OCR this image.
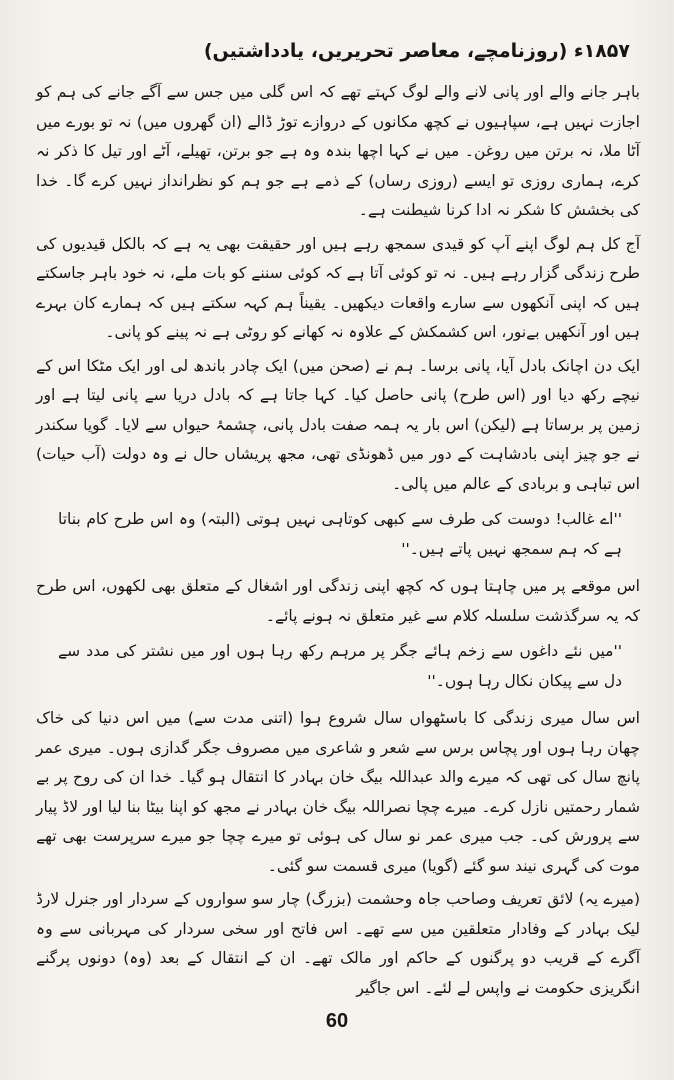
۱۸۵۷ء (روزنامچے، معاصر تحریریں، یادداشتیں)

باہر جانے والے اور پانی لانے والے لوگ کہتے تھے کہ اس گلی میں جس سے آگے جانے کی ہم کو اجازت نہیں ہے، سپاہیوں نے کچھ مکانوں کے دروازے توڑ ڈالے (ان گھروں میں) نہ تو بورے میں آٹا ملا، نہ برتن میں روغن۔ میں نے کہا اچھا بندہ وہ ہے جو برتن، تھیلے، آٹے اور تیل کا ذکر نہ کرے، ہماری روزی تو ایسے (روزی رساں) کے ذمے ہے جو ہم کو نظرانداز نہیں کرے گا۔ خدا کی بخشش کا شکر نہ ادا کرنا شیطنت ہے۔

آج کل ہم لوگ اپنے آپ کو قیدی سمجھ رہے ہیں اور حقیقت بھی یہ ہے کہ بالکل قیدیوں کی طرح زندگی گزار رہے ہیں۔ نہ تو کوئی آتا ہے کہ کوئی سننے کو بات ملے، نہ خود باہر جاسکتے ہیں کہ اپنی آنکھوں سے سارے واقعات دیکھیں۔ یقیناً ہم کہہ سکتے ہیں کہ ہمارے کان بہرے ہیں اور آنکھیں بےنور، اس کشمکش کے علاوہ نہ کھانے کو روٹی ہے نہ پینے کو پانی۔

ایک دن اچانک بادل آیا، پانی برسا۔ ہم نے (صحن میں) ایک چادر باندھ لی اور ایک مٹکا اس کے نیچے رکھ دیا اور (اس طرح) پانی حاصل کیا۔ کہا جاتا ہے کہ بادل دریا سے پانی لیتا ہے اور زمین پر برساتا ہے (لیکن) اس بار یہ ہمہ صفت بادل پانی، چشمۂ حیواں سے لایا۔ گویا سکندر نے جو چیز اپنی بادشاہت کے دور میں ڈھونڈی تھی، مجھ پریشاں حال نے وہ دولت (آب حیات) اس تباہی و بربادی کے عالم میں پالی۔

''اے غالب! دوست کی طرف سے کبھی کوتاہی نہیں ہوتی (البتہ) وہ اس طرح کام بناتا ہے کہ ہم سمجھ نہیں پاتے ہیں۔''

اس موقعے پر میں چاہتا ہوں کہ کچھ اپنی زندگی اور اشغال کے متعلق بھی لکھوں، اس طرح کہ یہ سرگذشت سلسلہ کلام سے غیر متعلق نہ ہونے پائے۔

''میں نئے داغوں سے زخم ہائے جگر پر مرہم رکھ رہا ہوں اور میں نشتر کی مدد سے دل سے پیکان نکال رہا ہوں۔''

اس سال میری زندگی کا باسٹھواں سال شروع ہوا (اتنی مدت سے) میں اس دنیا کی خاک چھان رہا ہوں اور پچاس برس سے شعر و شاعری میں مصروف جگر گدازی ہوں۔ میری عمر پانچ سال کی تھی کہ میرے والد عبداللہ بیگ خان بہادر کا انتقال ہو گیا۔ خدا ان کی روح پر بے شمار رحمتیں نازل کرے۔ میرے چچا نصراللہ بیگ خان بہادر نے مجھ کو اپنا بیٹا بنا لیا اور لاڈ پیار سے پرورش کی۔ جب میری عمر نو سال کی ہوئی تو میرے چچا جو میرے سرپرست بھی تھے موت کی گہری نیند سو گئے (گویا) میری قسمت سو گئی۔

(میرے یہ) لائق تعریف وصاحب جاہ وحشمت (بزرگ) چار سو سواروں کے سردار اور جنرل لارڈ لیک بہادر کے وفادار متعلقین میں سے تھے۔ اس فاتح اور سخی سردار کی مہربانی سے وہ آگرے کے قریب دو پرگنوں کے حاکم اور مالک تھے۔ ان کے انتقال کے بعد (وہ) دونوں پرگنے انگریزی حکومت نے واپس لے لئے۔ اس جاگیر

60
